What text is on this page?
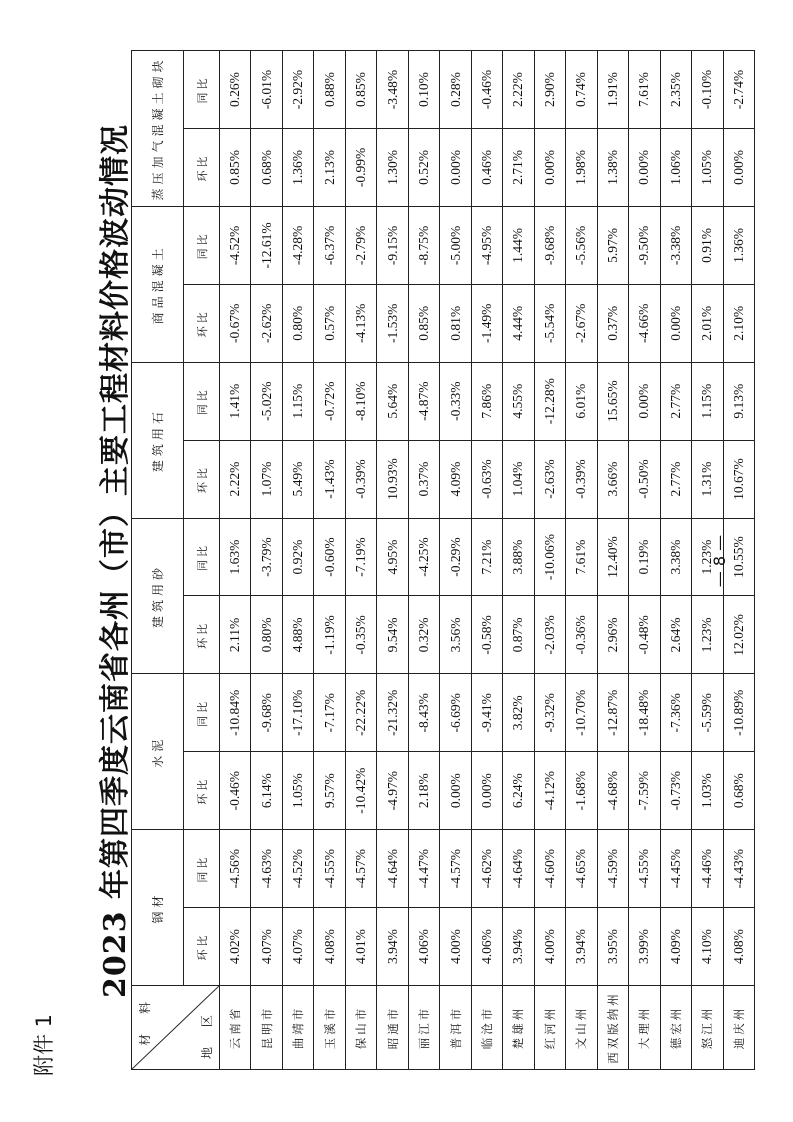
附件 1
2023 年第四季度云南省各州（市）主要工程材料价格波动情况
材 料 地 区	钢材		水泥		建筑用砂		建筑用石		商品混凝土		蒸压加气混凝土砌块	
	环比	同比	环比	同比	环比	同比	环比	同比	环比	同比	环比	同比
云南省	4.02%	-4.56%	-0.46%	-10.84%	2.11%	1.63%	2.22%	1.41%	-0.67%	-4.52%	0.85%	0.26%
昆明市	4.07%	-4.63%	6.14%	-9.68%	0.80%	-3.79%	1.07%	-5.02%	-2.62%	-12.61%	0.68%	-6.01%
曲靖市	4.07%	-4.52%	1.05%	-17.10%	4.88%	0.92%	5.49%	1.15%	0.80%	-4.28%	1.36%	-2.92%
玉溪市	4.08%	-4.55%	9.57%	-7.17%	-1.19%	-0.60%	-1.43%	-0.72%	0.57%	-6.37%	2.13%	0.88%
保山市	4.01%	-4.57%	-10.42%	-22.22%	-0.35%	-7.19%	-0.39%	-8.10%	-4.13%	-2.79%	-0.99%	0.85%
昭通市	3.94%	-4.64%	-4.97%	-21.32%	9.54%	4.95%	10.93%	5.64%	-1.53%	-9.15%	1.30%	-3.48%
丽江市	4.06%	-4.47%	2.18%	-8.43%	0.32%	-4.25%	0.37%	-4.87%	0.85%	-8.75%	0.52%	0.10%
普洱市	4.00%	-4.57%	0.00%	-6.69%	3.56%	-0.29%	4.09%	-0.33%	0.81%	-5.00%	0.00%	0.28%
临沧市	4.06%	-4.62%	0.00%	-9.41%	-0.58%	7.21%	-0.63%	7.86%	-1.49%	-4.95%	0.46%	-0.46%
楚雄州	3.94%	-4.64%	6.24%	3.82%	0.87%	3.88%	1.04%	4.55%	4.44%	1.44%	2.71%	2.22%
红河州	4.00%	-4.60%	-4.12%	-9.32%	-2.03%	-10.06%	-2.63%	-12.28%	-5.54%	-9.68%	0.00%	2.90%
文山州	3.94%	-4.65%	-1.68%	-10.70%	-0.36%	7.61%	-0.39%	6.01%	-2.67%	-5.56%	1.98%	0.74%
西双版纳州	3.95%	-4.59%	-4.68%	-12.87%	2.96%	12.40%	3.66%	15.65%	0.37%	5.97%	1.38%	1.91%
大理州	3.99%	-4.55%	-7.59%	-18.48%	-0.48%	0.19%	-0.50%	0.00%	-4.66%	-9.50%	0.00%	7.61%
德宏州	4.09%	-4.45%	-0.73%	-7.36%	2.64%	3.38%	2.77%	2.77%	0.00%	-3.38%	1.06%	2.35%
怒江州	4.10%	-4.46%	1.03%	-5.59%	1.23%	1.23%	1.31%	1.15%	2.01%	0.91%	1.05%	-0.10%
迪庆州	4.08%	-4.43%	0.68%	-10.89%	12.02%	10.55%	10.67%	9.13%	2.10%	1.36%	0.00%	-2.74%
— 8 —
